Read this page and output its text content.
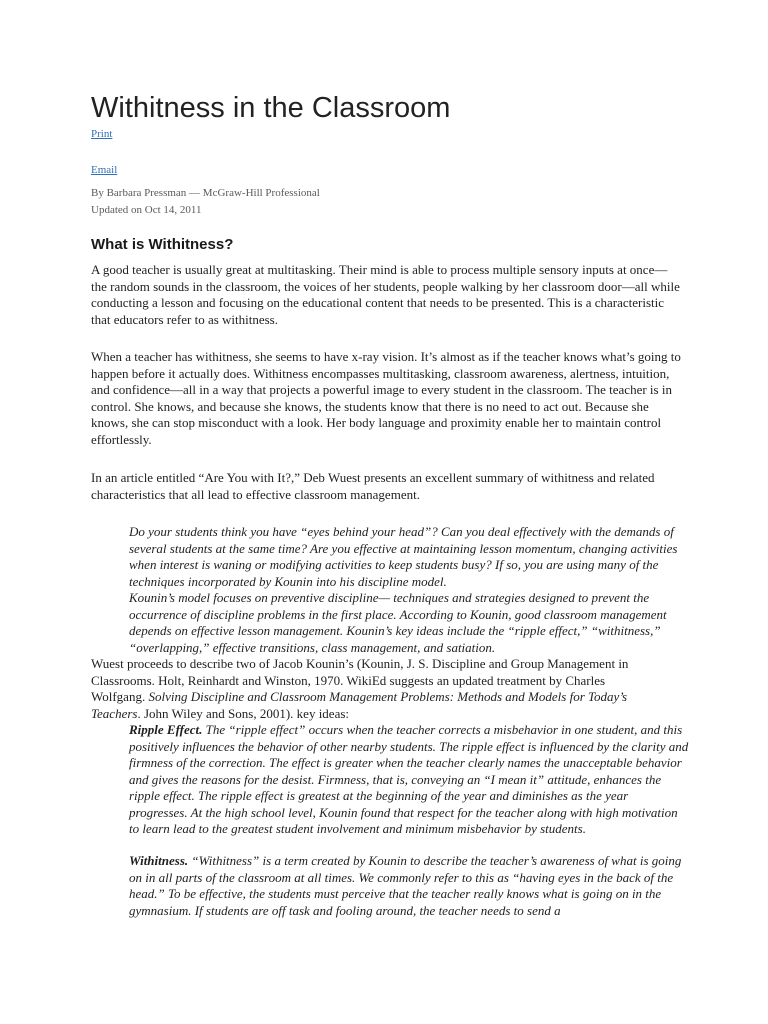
Withitness in the Classroom
Print
Email
By Barbara Pressman — McGraw-Hill Professional
Updated on Oct 14, 2011
What is Withitness?

A good teacher is usually great at multitasking. Their mind is able to process multiple sensory inputs at once—the random sounds in the classroom, the voices of her students, people walking by her classroom door—all while conducting a lesson and focusing on the educational content that needs to be presented. This is a characteristic that educators refer to as withitness.

When a teacher has withitness, she seems to have x-ray vision. It’s almost as if the teacher knows what’s going to happen before it actually does. Withitness encompasses multitasking, classroom awareness, alertness, intuition, and confidence—all in a way that projects a powerful image to every student in the classroom. The teacher is in control. She knows, and because she knows, the students know that there is no need to act out. Because she knows, she can stop misconduct with a look. Her body language and proximity enable her to maintain control effortlessly.

In an article entitled “Are You with It?,” Deb Wuest presents an excellent summary of withitness and related characteristics that all lead to effective classroom management.

Do your students think you have “eyes behind your head”? Can you deal effectively with the demands of several students at the same time? Are you effective at maintaining lesson momentum, changing activities when interest is waning or modifying activities to keep students busy? If so, you are using many of the techniques incorporated by Kounin into his discipline model.

Kounin’s model focuses on preventive discipline— techniques and strategies designed to prevent the occurrence of discipline problems in the first place. According to Kounin, good classroom management depends on effective lesson management. Kounin’s key ideas include the “ripple effect,” “withitness,” “overlapping,” effective transitions, class management, and satiation.

Wuest proceeds to describe two of Jacob Kounin’s (Kounin, J. S. Discipline and Group Management in Classrooms. Holt, Reinhardt and Winston, 1970. WikiEd suggests an updated treatment by Charles Wolfgang. Solving Discipline and Classroom Management Problems: Methods and Models for Today’s Teachers. John Wiley and Sons, 2001). key ideas:

Ripple Effect. The “ripple effect” occurs when the teacher corrects a misbehavior in one student, and this positively influences the behavior of other nearby students. The ripple effect is influenced by the clarity and firmness of the correction. The effect is greater when the teacher clearly names the unacceptable behavior and gives the reasons for the desist. Firmness, that is, conveying an “I mean it” attitude, enhances the ripple effect. The ripple effect is greatest at the beginning of the year and diminishes as the year progresses. At the high school level, Kounin found that respect for the teacher along with high motivation to learn lead to the greatest student involvement and minimum misbehavior by students.

Withitness. “Withitness” is a term created by Kounin to describe the teacher’s awareness of what is going on in all parts of the classroom at all times. We commonly refer to this as “having eyes in the back of the head.” To be effective, the students must perceive that the teacher really knows what is going on in the gymnasium. If students are off task and fooling around, the teacher needs to send a
